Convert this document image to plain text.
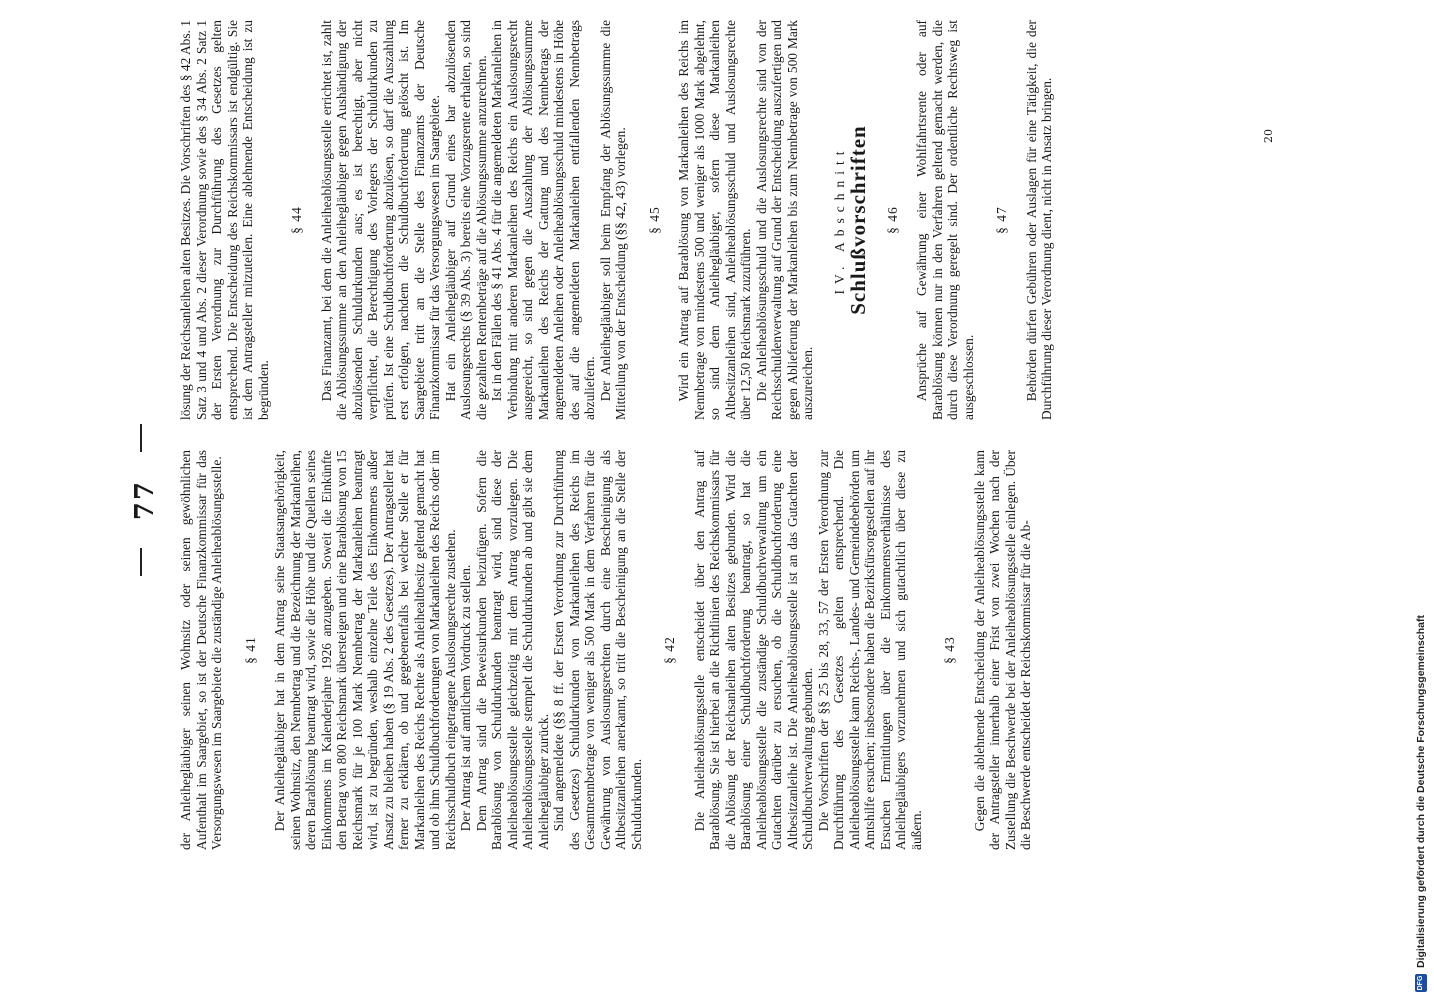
77 der Anleihegläubiger seinen Wohnsitz oder seinen gewöhnlichen Aufenthalt im Saargebiet, so ist der Deutsche Finanzkommissar für das Versorgungswesen im Saargebiete die zuständige Anleiheablösungsstelle. § 41 Der Anleihegläubiger hat in dem Antrag seine Staatsangehörigkeit, seinen Wohnsitz, den Nennbetrag und die Bezeichnung der Markanleihen, deren Barablösung beantragt wird, sowie die Höhe und die Quellen seines Einkommens im Kalenderjahre 1926 anzugeben. Soweit die Einkünfte den Betrag von 800 Reichsmark übersteigen und eine Barablösung von 15 Reichsmark für je 100 Mark Nennbetrag der Markanleihen beantragt wird, ist zu begründen, weshalb einzelne Teile des Einkommens außer Ansatz zu bleiben haben (§ 19 Abs. 2 des Gesetzes). Der Antragsteller hat ferner zu erklären, ob und gegebenenfalls bei welcher Stelle er für Markanleihen des Reichs Rechte als Anleihealtbesitz geltend gemacht hat und ob ihm Schuldbuchforderungen von Markanleihen des Reichs oder im Reichsschuldbuch eingetragene Auslosungsrechte zustehen. Der Antrag ist auf amtlichem Vordruck zu stellen. Dem Antrag sind die Beweisurkunden beizufügen. Sofern die Barablösung von Schuldurkunden beantragt wird, sind diese der Anleiheablösungsstelle gleichzeitig mit dem Antrag vorzulegen. Die Anleiheablösungsstelle stempelt die Schuldurkunden ab und gibt sie dem Anleihegläubiger zurück. Sind angemeldete (§§ 8 ff. der Ersten Verordnung zur Durchführung des Gesetzes) Schuldurkunden von Markanleihen des Reichs im Gesamtnennbetrage von weniger als 500 Mark in dem Verfahren für die Gewährung von Auslosungsrechten durch eine Bescheinigung als Altbesitzanleihen anerkannt, so tritt die Bescheinigung an die Stelle der Schuldurkunden.

§ 42 Die Anleiheablösungsstelle entscheidet über den Antrag auf Barablösung. Sie ist hierbei an die Richtlinien des Reichskommissars für die Ablösung der Reichsanleihen alten Besitzes gebunden. Wird die Barablösung einer Schuldbuchforderung beantragt, so hat die Anleiheablösungsstelle die zuständige Schuldbuchverwaltung um ein Gutachten darüber zu ersuchen, ob die Schuldbuchforderung eine Altbesitzanleihe ist. Die Anleiheablösungsstelle ist an das Gutachten der Schuldbuchverwaltung gebunden. Die Vorschriften der §§ 25 bis 28, 33, 57 der Ersten Verordnung zur Durchführung des Gesetzes gelten entsprechend. Die Anleiheablösungsstelle kann Reichs-, Landes- und Gemeindebehörden um Amtshilfe ersuchen; insbesondere haben die Bezirksfürsorgestellen auf ihr Ersuchen Ermittlungen über die Einkommensverhältnisse des Anleihegläubigers vorzunehmen und sich gutachtlich über diese zu äußern.

§ 43 Gegen die ablehnende Entscheidung der Anleiheablösungsstelle kann der Antragsteller innerhalb einer Frist von zwei Wochen nach der Zustellung die Beschwerde bei der Anleiheablösungsstelle einlegen. Über die Beschwerde entscheidet der Reichskommissar für die Ab-

lösung der Reichsanleihen alten Besitzes. Die Vorschriften des § 42 Abs. 1 Satz 3 und 4 und Abs. 2 dieser Verordnung sowie des § 34 Abs. 2 Satz 1 der Ersten Verordnung zur Durchführung des Gesetzes gelten entsprechend. Die Entscheidung des Reichskommissars ist endgültig. Sie ist dem Antragsteller mitzuteilen. Eine ablehnende Entscheidung ist zu begründen.

§ 44 Das Finanzamt, bei dem die Anleiheablösungsstelle errichtet ist, zahlt die Ablösungssumme an den Anleihegläubiger gegen Aushändigung der abzulösenden Schuldurkunden aus; es ist berechtigt, aber nicht verpflichtet, die Berechtigung des Vorlegers der Schuldurkunden zu prüfen. Ist eine Schuldbuchforderung abzulösen, so darf die Auszahlung erst erfolgen, nachdem die Schuldbuchforderung gelöscht ist. Im Saargebiete tritt an die Stelle des Finanzamts der Deutsche Finanzkommissar für das Versorgungswesen im Saargebiete. Hat ein Anleihegläubiger auf Grund eines bar abzulösenden Auslosungsrechts (§ 39 Abs. 3) bereits eine Vorzugsrente erhalten, so sind die gezahlten Rentenbeträge auf die Ablösungssumme anzurechnen. Ist in den Fällen des § 41 Abs. 4 für die angemeldeten Markanleihen in Verbindung mit anderen Markanleihen des Reichs ein Auslosungsrecht ausgereicht, so sind gegen die Auszahlung der Ablösungssumme Markanleihen des Reichs der Gattung und des Nennbetrags der angemeldeten Anleihen oder Anleiheablösungsschuld mindestens in Höhe des auf die angemeldeten Markanleihen entfallenden Nennbetrags abzuliefern. Der Anleihegläubiger soll beim Empfang der Ablösungssumme die Mitteilung von der Entscheidung (§§ 42, 43) vorlegen. § 45 Wird ein Antrag auf Barablösung von Markanleihen des Reichs im Nennbetrage von mindestens 500 und weniger als 1000 Mark abgelehnt, so sind dem Anleihegläubiger, sofern diese Markanleihen Altbesitzanleihen sind, Anleiheablösungsschuld und Auslosungsrechte über 12,50 Reichsmark zuzuführen. Die Anleiheablösungsschuld und die Auslosungsrechte sind von der Reichsschuldenverwaltung auf Grund der Entscheidung auszufertigen und gegen Ablieferung der Markanleihen bis zum Nennbetrage von 500 Mark auszureichen.

IV. Abschnitt Schlußvorschriften § 46 Ansprüche auf Gewährung einer Wohlfahrtsrente oder auf Barablösung können nur in den Verfahren geltend gemacht werden, die durch diese Verordnung geregelt sind. Der ordentliche Rechtsweg ist ausgeschlossen.

§ 47 Behörden dürfen Gebühren oder Auslagen für eine Tätigkeit, die der Durchführung dieser Verordnung dient, nicht in Ansatz bringen.	20
DFG
Digitalisierung gefördert durch die Deutsche Forschungsgemeinschaft
